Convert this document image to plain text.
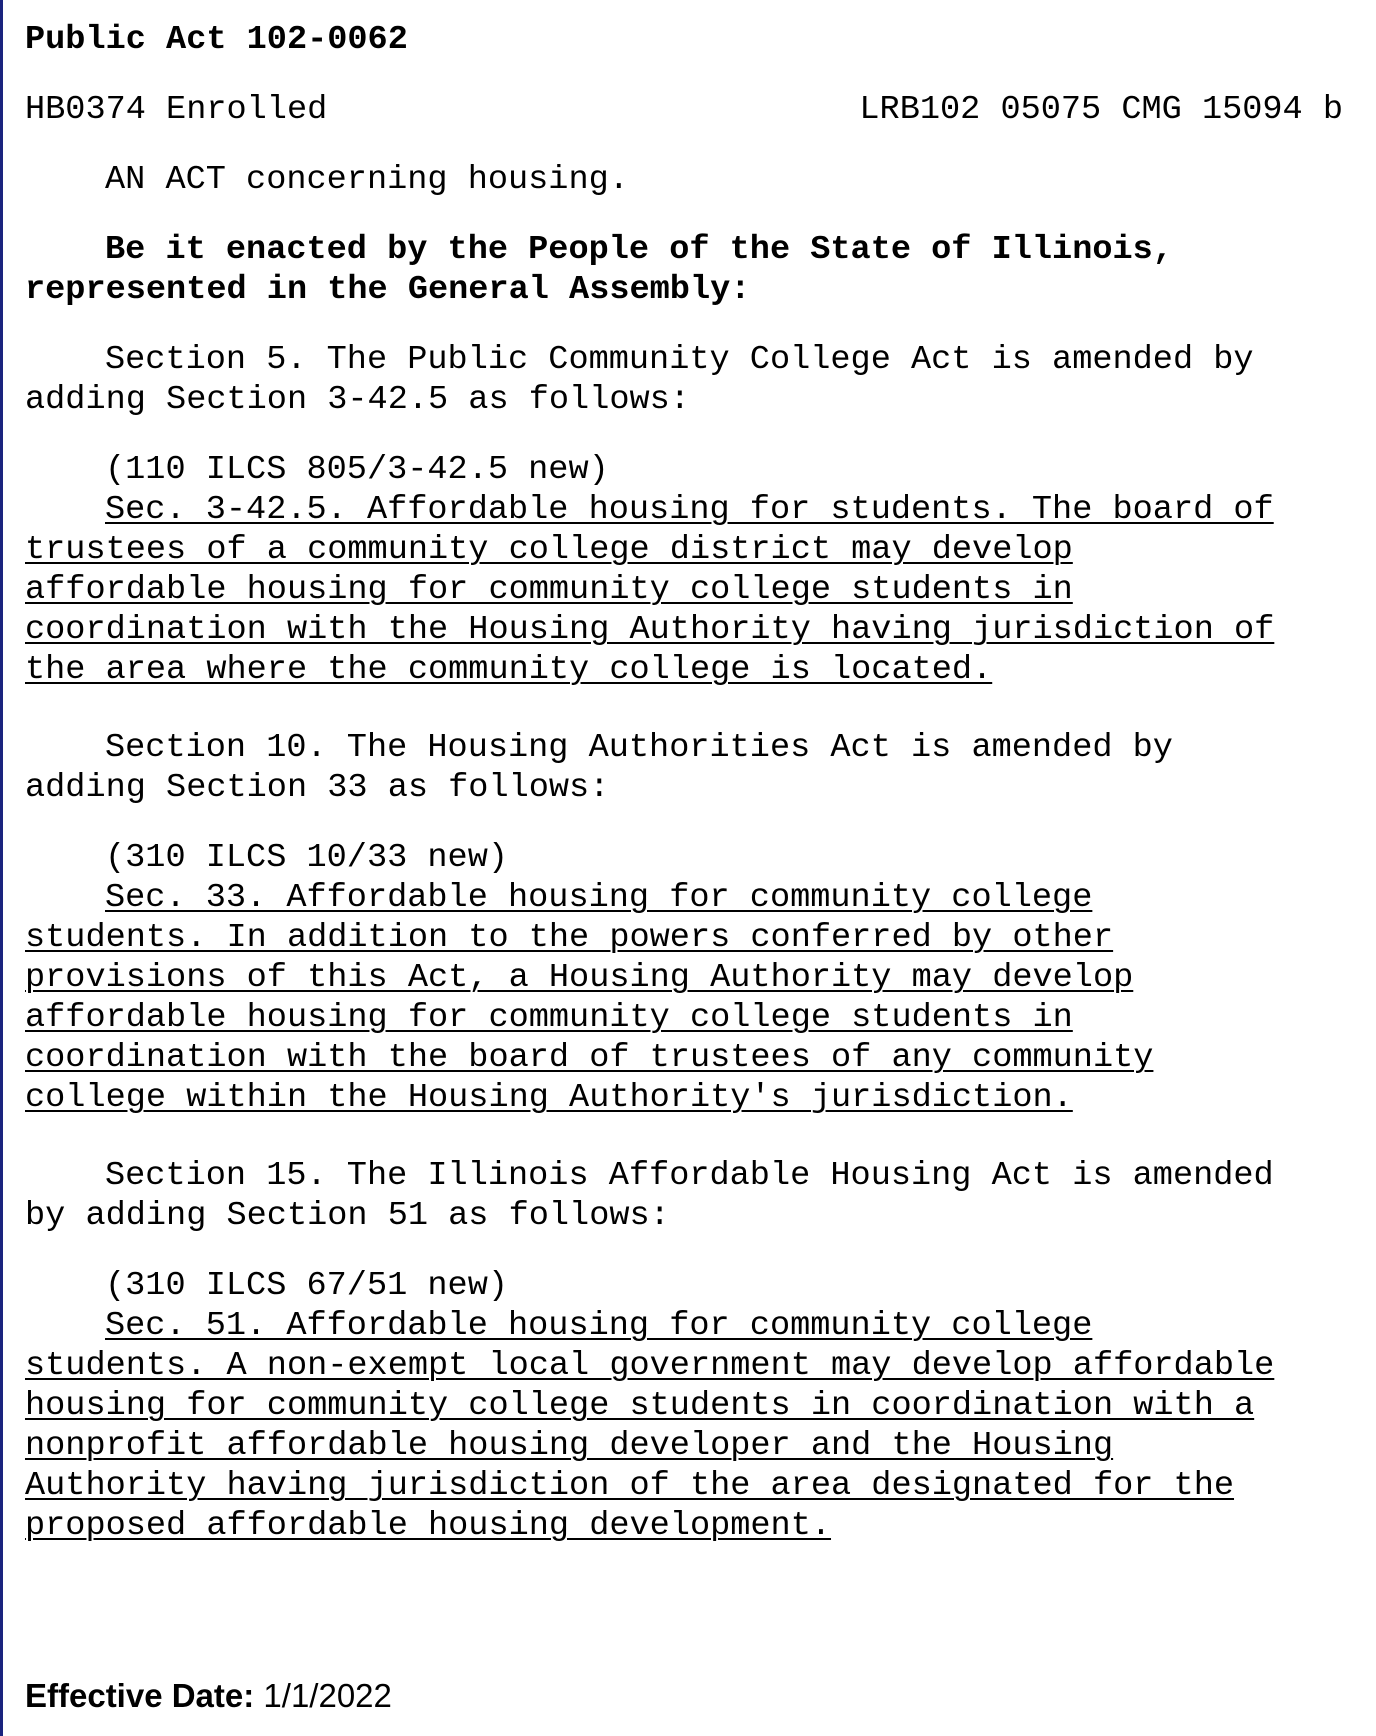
Public Act 102-0062
HB0374 Enrolled	LRB102 05075 CMG 15094 b
AN ACT concerning housing.
Be it enacted by the People of the State of Illinois,
represented in the General Assembly:
Section 5. The Public Community College Act is amended by
adding Section 3-42.5 as follows:
(110 ILCS 805/3-42.5 new)
Sec. 3-42.5. Affordable housing for students. The board of
trustees of a community college district may develop
affordable housing for community college students in
coordination with the Housing Authority having jurisdiction of
the area where the community college is located.
Section 10. The Housing Authorities Act is amended by
adding Section 33 as follows:
(310 ILCS 10/33 new)
Sec. 33. Affordable housing for community college
students. In addition to the powers conferred by other
provisions of this Act, a Housing Authority may develop
affordable housing for community college students in
coordination with the board of trustees of any community
college within the Housing Authority's jurisdiction.
Section 15. The Illinois Affordable Housing Act is amended
by adding Section 51 as follows:
(310 ILCS 67/51 new)
Sec. 51. Affordable housing for community college
students. A non-exempt local government may develop affordable
housing for community college students in coordination with a
nonprofit affordable housing developer and the Housing
Authority having jurisdiction of the area designated for the
proposed affordable housing development.
Effective Date: 1/1/2022
